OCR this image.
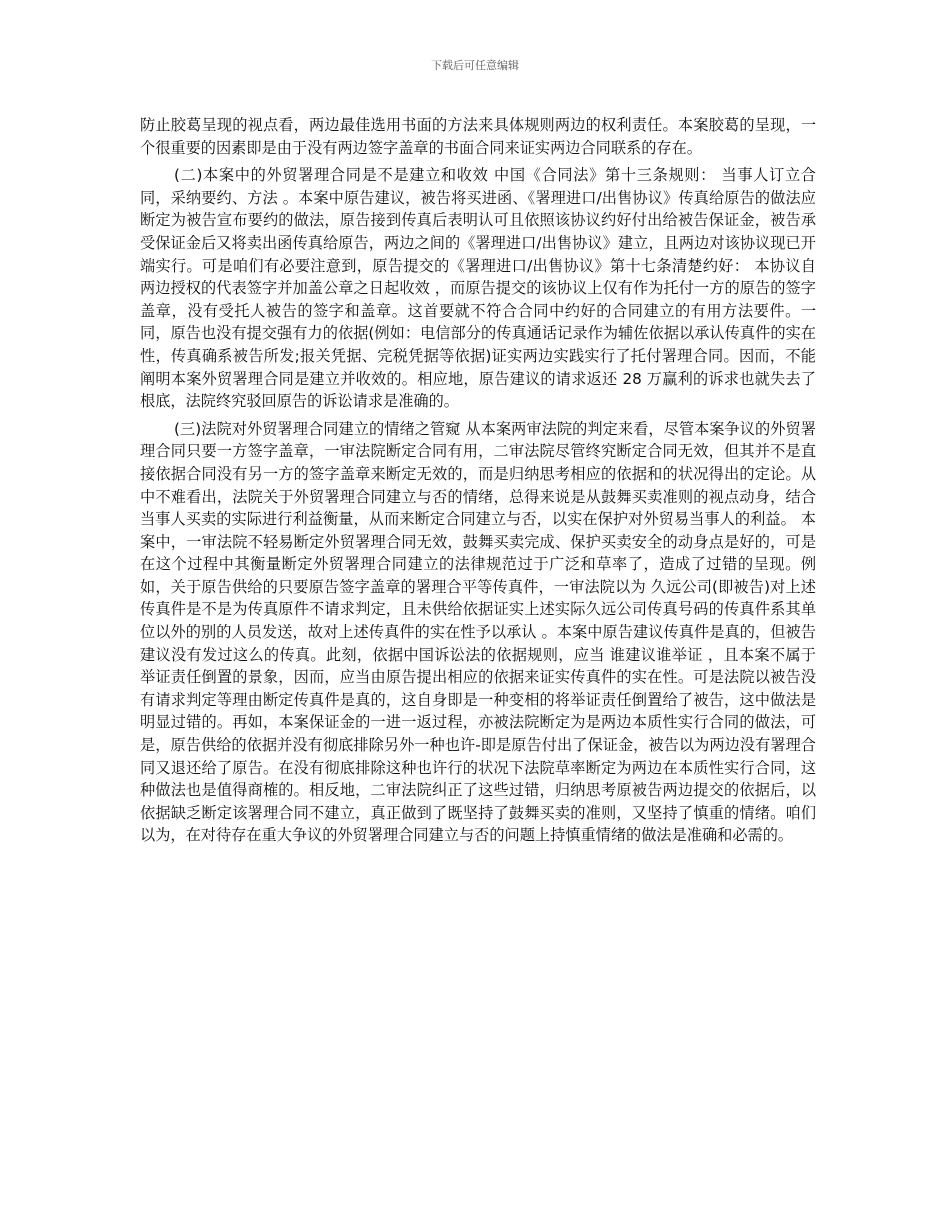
下载后可任意编辑

防止胶葛呈现的视点看，两边最佳选用书面的方法来具体规则两边的权利责任。本案胶葛的呈现，一个很重要的因素即是由于没有两边签字盖章的书面合同来证实两边合同联系的存在。

(二)本案中的外贸署理合同是不是建立和收效 中国《合同法》第十三条规则： 当事人订立合同，采纳要约、方法 。本案中原告建议，被告将买进函、《署理进口/出售协议》传真给原告的做法应断定为被告宣布要约的做法，原告接到传真后表明认可且依照该协议约好付出给被告保证金，被告承受保证金后又将卖出函传真给原告，两边之间的《署理进口/出售协议》建立，且两边对该协议现已开端实行。可是咱们有必要注意到，原告提交的《署理进口/出售协议》第十七条清楚约好： 本协议自两边授权的代表签字并加盖公章之日起收效 ，而原告提交的该协议上仅有作为托付一方的原告的签字盖章，没有受托人被告的签字和盖章。这首要就不符合合同中约好的合同建立的有用方法要件。一同，原告也没有提交强有力的依据(例如：电信部分的传真通话记录作为辅佐依据以承认传真件的实在性，传真确系被告所发;报关凭据、完税凭据等依据)证实两边实践实行了托付署理合同。因而，不能阐明本案外贸署理合同是建立并收效的。相应地，原告建议的请求返还 28 万赢利的诉求也就失去了根底，法院终究驳回原告的诉讼请求是准确的。

(三)法院对外贸署理合同建立的情绪之管窥 从本案两审法院的判定来看，尽管本案争议的外贸署理合同只要一方签字盖章，一审法院断定合同有用，二审法院尽管终究断定合同无效，但其并不是直接依据合同没有另一方的签字盖章来断定无效的，而是归纳思考相应的依据和的状况得出的定论。从中不难看出，法院关于外贸署理合同建立与否的情绪，总得来说是从鼓舞买卖准则的视点动身，结合当事人买卖的实际进行利益衡量，从而来断定合同建立与否，以实在保护对外贸易当事人的利益。 本案中，一审法院不轻易断定外贸署理合同无效，鼓舞买卖完成、保护买卖安全的动身点是好的，可是在这个过程中其衡量断定外贸署理合同建立的法律规范过于广泛和草率了，造成了过错的呈现。例如，关于原告供给的只要原告签字盖章的署理合平等传真件，一审法院以为 久远公司(即被告)对上述传真件是不是为传真原件不请求判定，且未供给依据证实上述实际久远公司传真号码的传真件系其单位以外的别的人员发送，故对上述传真件的实在性予以承认 。本案中原告建议传真件是真的，但被告建议没有发过这么的传真。此刻，依据中国诉讼法的依据规则，应当 谁建议谁举证 ，且本案不属于举证责任倒置的景象，因而，应当由原告提出相应的依据来证实传真件的实在性。可是法院以被告没有请求判定等理由断定传真件是真的，这自身即是一种变相的将举证责任倒置给了被告，这中做法是明显过错的。再如，本案保证金的一进一返过程，亦被法院断定为是两边本质性实行合同的做法，可是，原告供给的依据并没有彻底排除另外一种也许-即是原告付出了保证金，被告以为两边没有署理合同又退还给了原告。在没有彻底排除这种也许行的状况下法院草率断定为两边在本质性实行合同，这种做法也是值得商榷的。相反地，二审法院纠正了这些过错，归纳思考原被告两边提交的依据后，以依据缺乏断定该署理合同不建立，真正做到了既坚持了鼓舞买卖的准则，又坚持了慎重的情绪。咱们以为，在对待存在重大争议的外贸署理合同建立与否的问题上持慎重情绪的做法是准确和必需的。
